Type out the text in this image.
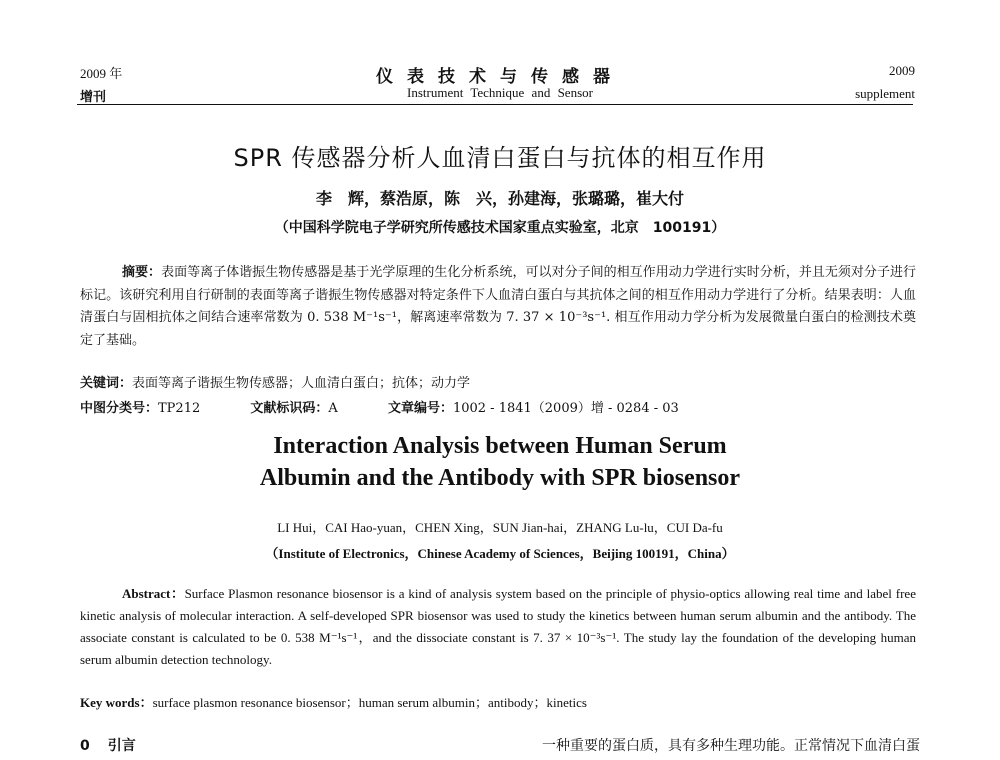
2009 年
增刊
仪表技术与传感器
Instrument Technique and Sensor
2009
supplement
SPR 传感器分析人血清白蛋白与抗体的相互作用
李　辉，蔡浩原，陈　兴，孙建海，张璐璐，崔大付
（中国科学院电子学研究所传感技术国家重点实验室，北京　100191）
摘要：表面等离子体谐振生物传感器是基于光学原理的生化分析系统，可以对分子间的相互作用动力学进行实时分析，并且无须对分子进行标记。该研究利用自行研制的表面等离子谐振生物传感器对特定条件下人血清白蛋白与其抗体之间的相互作用动力学进行了分析。结果表明：人血清蛋白与固相抗体之间结合速率常数为 0. 538 M⁻¹s⁻¹，解离速率常数为 7. 37 × 10⁻³s⁻¹. 相互作用动力学分析为发展微量白蛋白的检测技术奠定了基础。
关键词：表面等离子谐振生物传感器；人血清白蛋白；抗体；动力学
中图分类号：TP212	文献标识码：A	文章编号：1002 - 1841（2009）增 - 0284 - 03
Interaction Analysis between Human Serum
Albumin and the Antibody with SPR biosensor
LI Hui，CAI Hao-yuan，CHEN Xing，SUN Jian-hai，ZHANG Lu-lu，CUI Da-fu
（Institute of Electronics，Chinese Academy of Sciences，Beijing 100191，China）
Abstract：Surface Plasmon resonance biosensor is a kind of analysis system based on the principle of physio-optics allowing real time and label free kinetic analysis of molecular interaction. A self-developed SPR biosensor was used to study the kinetics between human serum albumin and the antibody. The associate constant is calculated to be 0. 538 M⁻¹s⁻¹，and the dissociate constant is 7. 37 × 10⁻³s⁻¹. The study lay the foundation of the developing human serum albumin detection technology.
Key words：surface plasmon resonance biosensor；human serum albumin；antibody；kinetics
0 引言	一种重要的蛋白质，具有多种生理功能。正常情况下血清白蛋
